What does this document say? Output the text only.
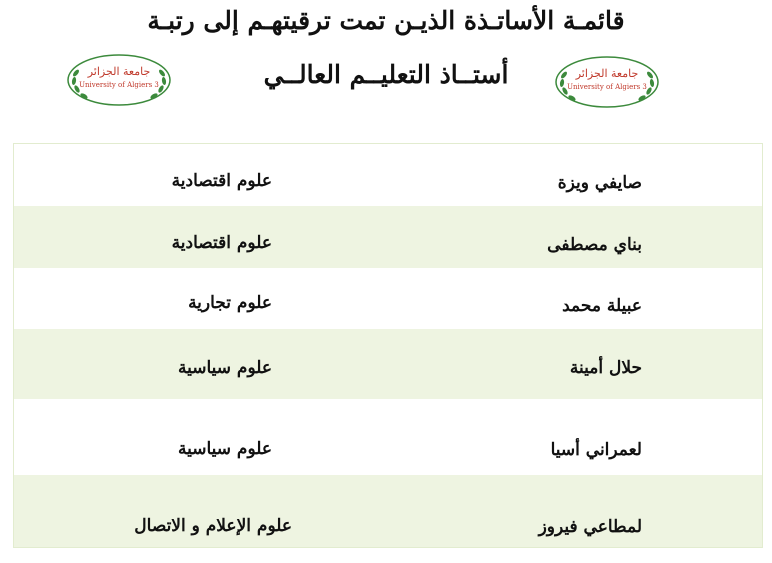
قائمـة الأساتـذة الذيـن تمت ترقيتهـم إلى رتبـة
أستــاذ التعليــم العالــي
جامعة الجزائر
University of Algiers 3
جامعة الجزائر
University of Algiers 3
صايفي ويزة
علوم اقتصادية
بناي مصطفى
علوم اقتصادية
عبيلة محمد
علوم تجارية
حلال أمينة
علوم سياسية
لعمراني أسيا
علوم سياسية
لمطاعي فيروز
علوم الإعلام و الاتصال
